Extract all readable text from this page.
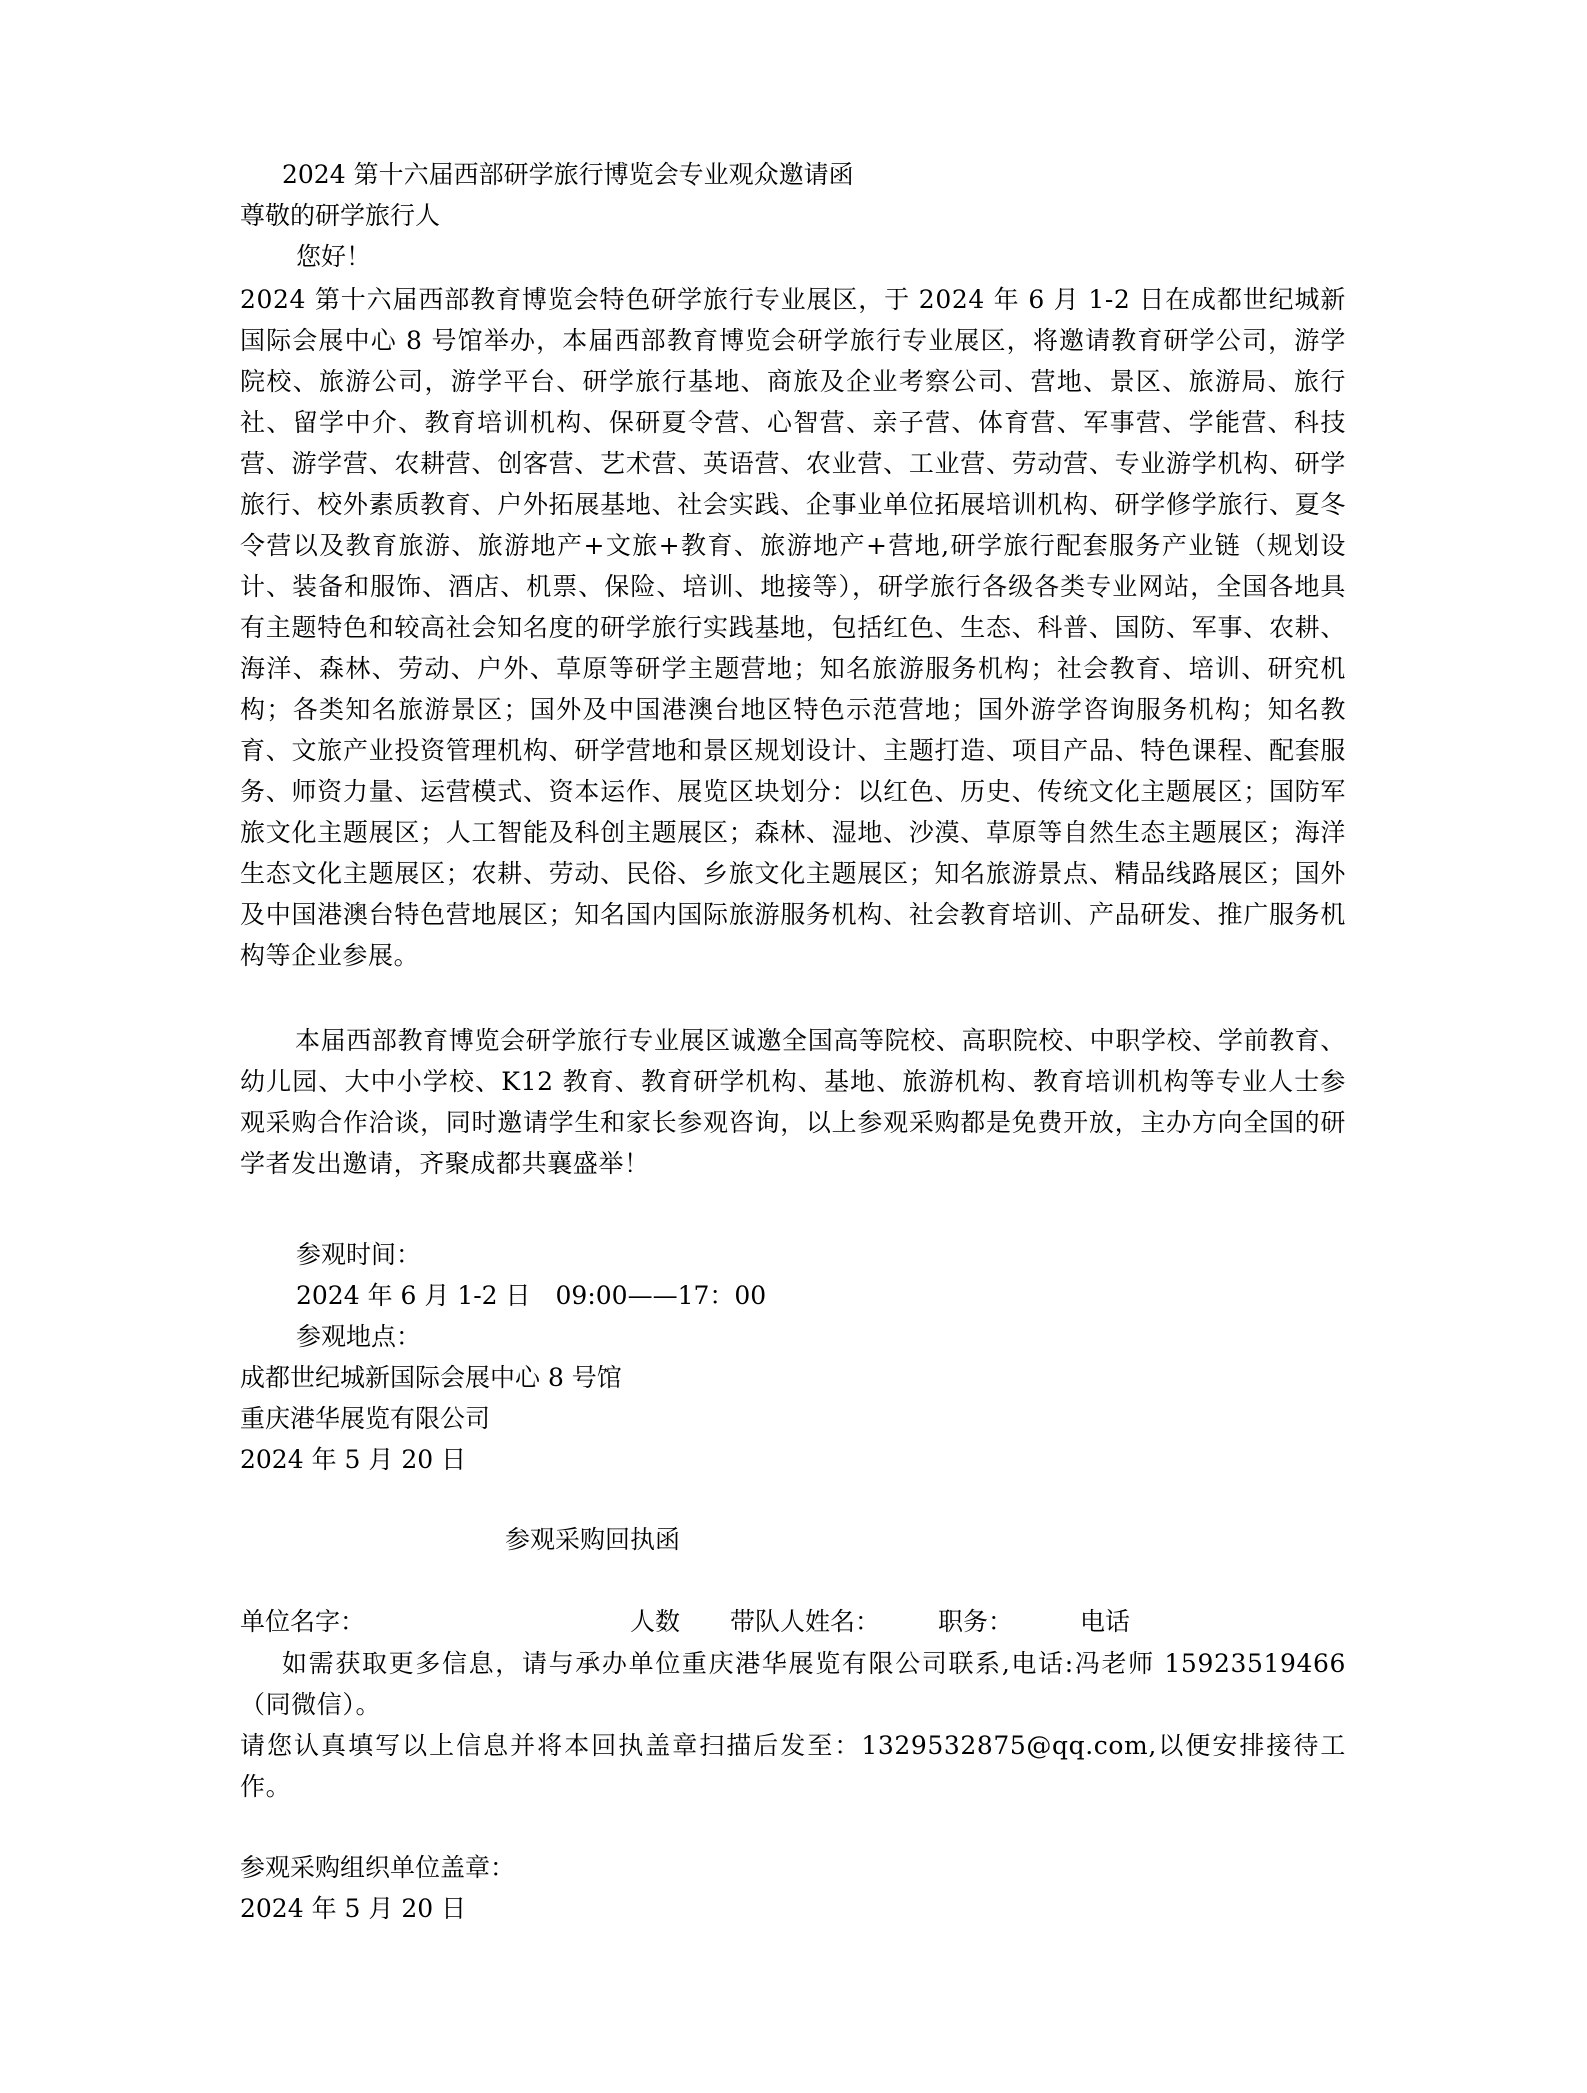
2024 第十六届西部研学旅行博览会专业观众邀请函
尊敬的研学旅行人
您好！
2024 第十六届西部教育博览会特色研学旅行专业展区，于 2024 年 6 月 1-2 日在成都世纪城新国际会展中心 8 号馆举办，本届西部教育博览会研学旅行专业展区，将邀请教育研学公司，游学院校、旅游公司，游学平台、研学旅行基地、商旅及企业考察公司、营地、景区、旅游局、旅行社、留学中介、教育培训机构、保研夏令营、心智营、亲子营、体育营、军事营、学能营、科技营、游学营、农耕营、创客营、艺术营、英语营、农业营、工业营、劳动营、专业游学机构、研学旅行、校外素质教育、户外拓展基地、社会实践、企事业单位拓展培训机构、研学修学旅行、夏冬令营以及教育旅游、旅游地产+文旅+教育、旅游地产+营地,研学旅行配套服务产业链（规划设计、装备和服饰、酒店、机票、保险、培训、地接等），研学旅行各级各类专业网站，全国各地具有主题特色和较高社会知名度的研学旅行实践基地，包括红色、生态、科普、国防、军事、农耕、海洋、森林、劳动、户外、草原等研学主题营地；知名旅游服务机构；社会教育、培训、研究机构；各类知名旅游景区；国外及中国港澳台地区特色示范营地；国外游学咨询服务机构；知名教育、文旅产业投资管理机构、研学营地和景区规划设计、主题打造、项目产品、特色课程、配套服务、师资力量、运营模式、资本运作、展览区块划分：以红色、历史、传统文化主题展区；国防军旅文化主题展区；人工智能及科创主题展区；森林、湿地、沙漠、草原等自然生态主题展区；海洋生态文化主题展区；农耕、劳动、民俗、乡旅文化主题展区；知名旅游景点、精品线路展区；国外及中国港澳台特色营地展区；知名国内国际旅游服务机构、社会教育培训、产品研发、推广服务机构等企业参展。
本届西部教育博览会研学旅行专业展区诚邀全国高等院校、高职院校、中职学校、学前教育、幼儿园、大中小学校、K12 教育、教育研学机构、基地、旅游机构、教育培训机构等专业人士参观采购合作洽谈，同时邀请学生和家长参观咨询，以上参观采购都是免费开放，主办方向全国的研学者发出邀请，齐聚成都共襄盛举！
参观时间：
2024 年 6 月 1-2 日　09:00——17：00
参观地点：
成都世纪城新国际会展中心 8 号馆
重庆港华展览有限公司
2024 年 5 月 20 日
参观采购回执函
单位名字：	人数 带队人姓名： 职务：	电话
如需获取更多信息，请与承办单位重庆港华展览有限公司联系,电话:冯老师 15923519466（同微信）。
请您认真填写以上信息并将本回执盖章扫描后发至：1329532875@qq.com,以便安排接待工作。
参观采购组织单位盖章：
2024 年 5 月 20 日
